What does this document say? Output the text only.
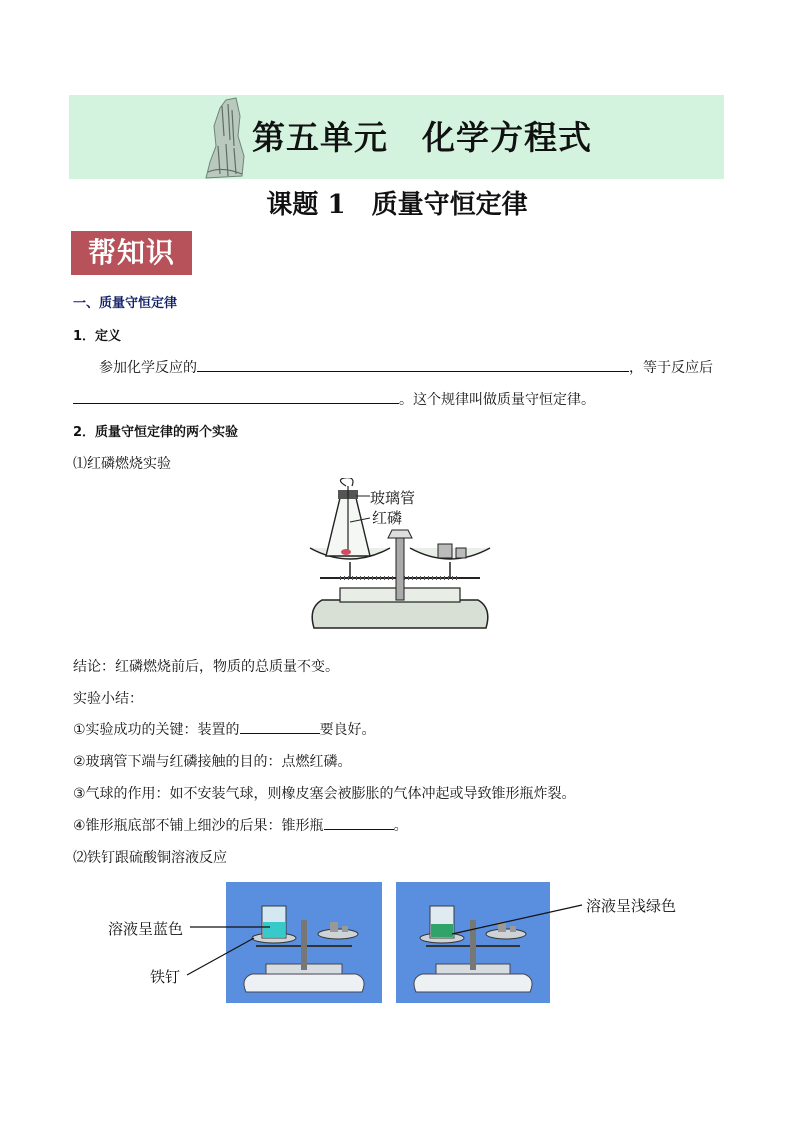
第五单元　化学方程式
课题 1　质量守恒定律
帮知识
一、质量守恒定律
1．定义
参加化学反应的	，等于反应后
。这个规律叫做质量守恒定律。
2．质量守恒定律的两个实验
⑴红磷燃烧实验
玻璃管
红磷
结论：红磷燃烧前后，物质的总质量不变。
实验小结：
①实验成功的关键：装置的	要良好。
②玻璃管下端与红磷接触的目的：点燃红磷。
③气球的作用：如不安装气球，则橡皮塞会被膨胀的气体冲起或导致锥形瓶炸裂。
④锥形瓶底部不铺上细沙的后果：锥形瓶	。
⑵铁钉跟硫酸铜溶液反应
溶液呈蓝色
铁钉
溶液呈浅绿色
